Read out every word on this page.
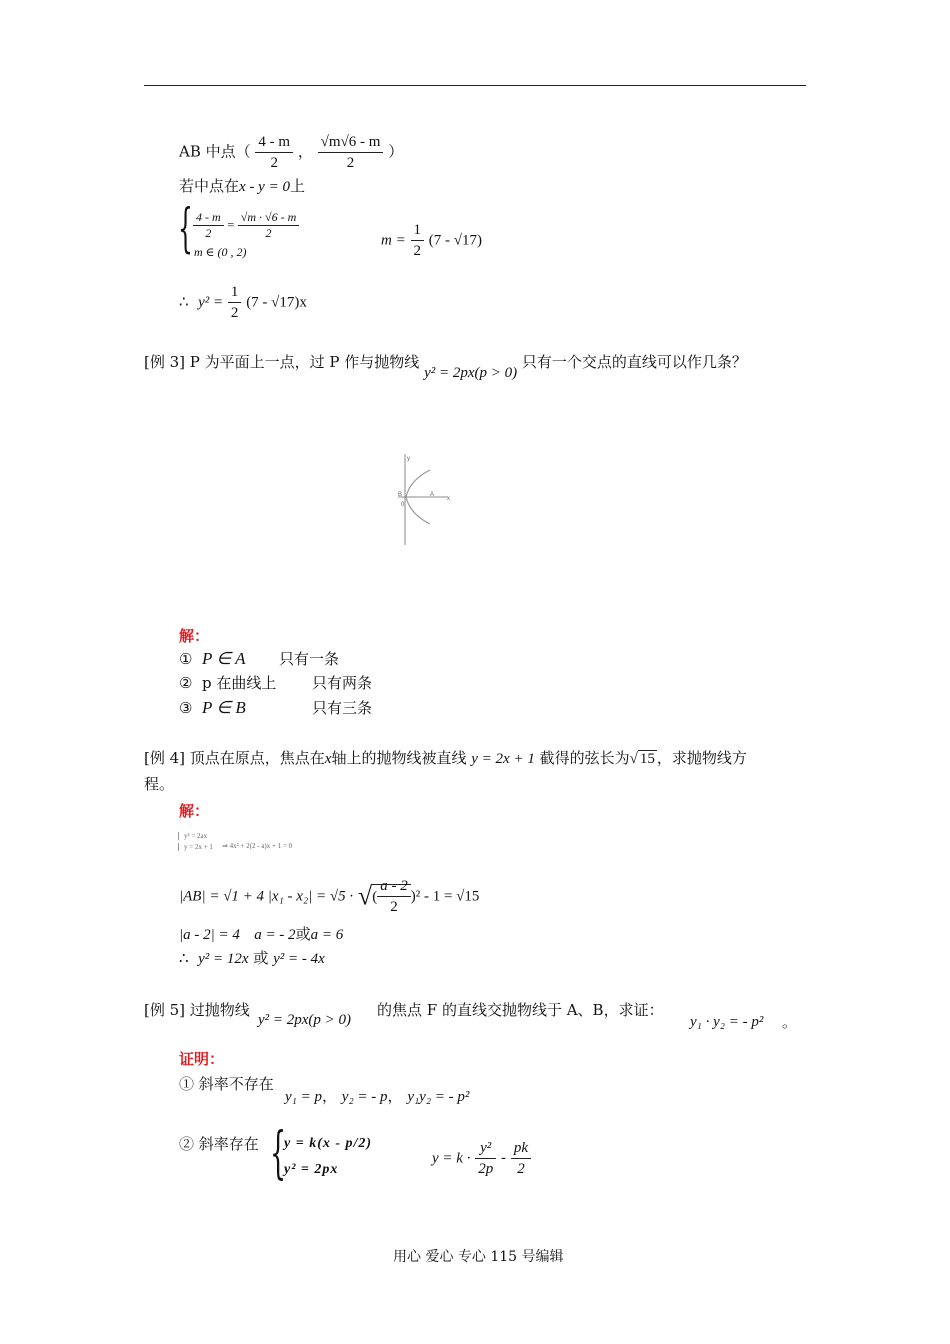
AB 中点（ $\frac{4 - m}{2}$ ， $\frac{√m√6 - m}{2}$ ）
若中点在x - y = 0上
{ $\frac{4 - m}{2} = \frac{√m \cdot √6 - m}{2}$
m ∈ (0 , 2)
$m = \frac{1}{2} (7 - √17)$
∴ $y^2 = \frac{1}{2} (7 - √17)x$
[例 3] P 为平面上一点，过 P 作与抛物线 y² = 2px(p > 0) 只有一个交点的直线可以作几条？
y
x
B	A
0
解：
① P ∈ A 只有一条
② p 在曲线上 只有两条
③ P ∈ B	只有三条
[例 4] 顶点在原点，焦点在x轴上的抛物线被直线 y = 2x + 1 截得的弦长为√ 15 ，求抛物线方
程。
解：
y² = 2ax
y = 2x + 1 ⇒ 4x² + 2(2 - a)x + 1 = 0
|AB| = √1 + 4 |x₁ - x₂| = √5 · √( $\frac{a - 2}{2} )^2 - 1 = √15$
|a - 2| = 4 a = - 2或a = 6
∴ y² = 12x 或 y² = - 4x
[例 5] 过抛物线
y² = 2px(p > 0)
的焦点 F 的直线交抛物线于 A、B，求证：
y₁ · y₂ = - p² 。
证明：
① 斜率不存在
y₁ = p， y₂ = - p， y₁y₂ = - p²
② 斜率存在 {
y = k(x - p/2)
y² = 2px
$y = k \cdot \frac{\text{y²}}{2p} - \frac{pk}{2}$
用心 爱心 专心 115 号编辑
